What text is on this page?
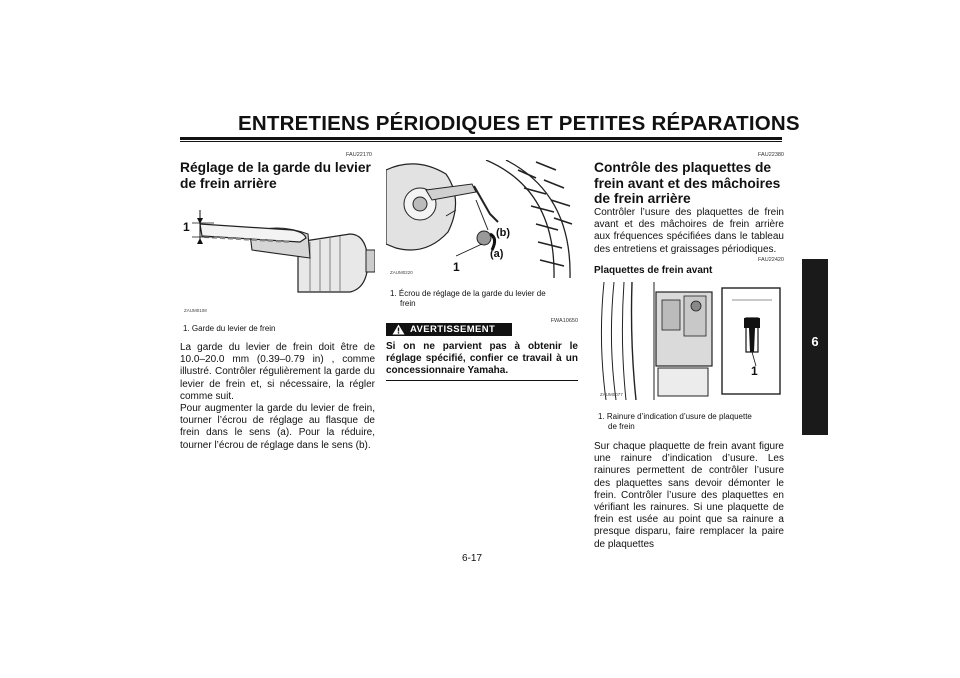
ENTRETIENS PÉRIODIQUES ET PETITES RÉPARATIONS
6
FAU22170
Réglage de la garde du levier de frein arrière
1
ZAUM0108
1. Garde du levier de frein
La garde du levier de frein doit être de 10.0–20.0 mm (0.39–0.79 in) , comme illustré. Contrôler régulièrement la garde du levier de frein et, si nécessaire, la régler comme suit.
Pour augmenter la garde du levier de frein, tourner l’écrou de réglage au flasque de frein dans le sens (a). Pour la réduire, tourner l’écrou de réglage dans le sens (b).
1
(a)
(b)
ZAUM0220
1. Écrou de réglage de la garde du levier de
frein
FWA10650
AVERTISSEMENT
Si on ne parvient pas à obtenir le réglage spécifié, confier ce travail à un concessionnaire Yamaha.
FAU22380
Contrôle des plaquettes de frein avant et des mâchoires de frein arrière
Contrôler l’usure des plaquettes de frein avant et des mâchoires de frein arrière aux fréquences spécifiées dans le tableau des entretiens et graissages périodiques.
FAU22420
Plaquettes de frein avant
1
ZAUM0077
1. Rainure d’indication d’usure de plaquette
de frein
Sur chaque plaquette de frein avant figure une rainure d’indication d’usure. Les rainures permettent de contrôler l’usure des plaquettes sans devoir démonter le frein. Contrôler l’usure des plaquettes en vérifiant les rainures. Si une plaquette de frein est usée au point que sa rainure a presque disparu, faire remplacer la paire de plaquettes
6-17
